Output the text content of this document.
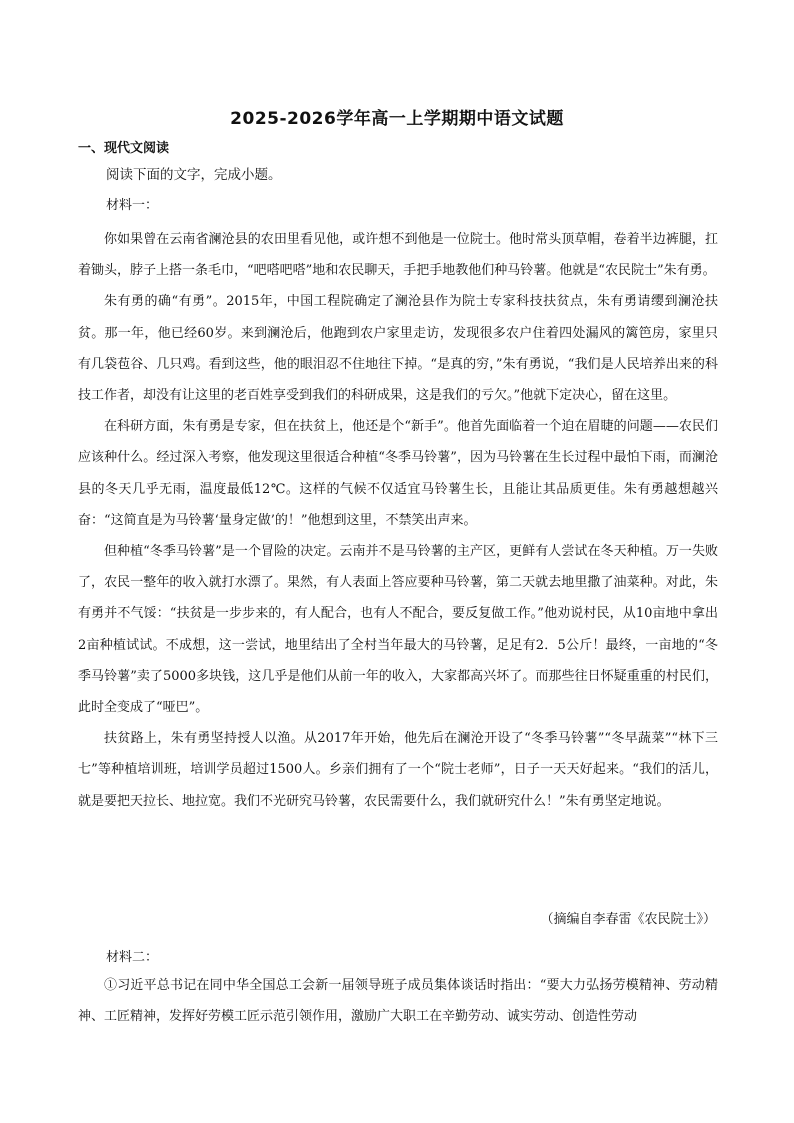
2025-2026学年高一上学期期中语文试题
一、现代文阅读
阅读下面的文字，完成小题。
材料一：

你如果曾在云南省澜沧县的农田里看见他，或许想不到他是一位院士。他时常头顶草帽，卷着半边裤腿，扛着锄头，脖子上搭一条毛巾，“吧嗒吧嗒”地和农民聊天，手把手地教他们种马铃薯。他就是“农民院士”朱有勇。

朱有勇的确“有勇”。2015年，中国工程院确定了澜沧县作为院士专家科技扶贫点，朱有勇请缨到澜沧扶贫。那一年，他已经60岁。来到澜沧后，他跑到农户家里走访，发现很多农户住着四处漏风的篱笆房，家里只有几袋苞谷、几只鸡。看到这些，他的眼泪忍不住地往下掉。“是真的穷，”朱有勇说，“我们是人民培养出来的科技工作者，却没有让这里的老百姓享受到我们的科研成果，这是我们的亏欠。”他就下定决心，留在这里。

在科研方面，朱有勇是专家，但在扶贫上，他还是个“新手”。他首先面临着一个迫在眉睫的问题——农民们应该种什么。经过深入考察，他发现这里很适合种植“冬季马铃薯”，因为马铃薯在生长过程中最怕下雨，而澜沧县的冬天几乎无雨，温度最低12℃。这样的气候不仅适宜马铃薯生长，且能让其品质更佳。朱有勇越想越兴奋：“这简直是为马铃薯‘量身定做’的！”他想到这里，不禁笑出声来。

但种植“冬季马铃薯”是一个冒险的决定。云南并不是马铃薯的主产区，更鲜有人尝试在冬天种植。万一失败了，农民一整年的收入就打水漂了。果然，有人表面上答应要种马铃薯，第二天就去地里撒了油菜种。对此，朱有勇并不气馁：“扶贫是一步步来的，有人配合，也有人不配合，要反复做工作。”他劝说村民，从10亩地中拿出2亩种植试试。不成想，这一尝试，地里结出了全村当年最大的马铃薯，足足有2．5公斤！最终，一亩地的“冬季马铃薯”卖了5000多块钱，这几乎是他们从前一年的收入，大家都高兴坏了。而那些往日怀疑重重的村民们，此时全变成了“哑巴”。

扶贫路上，朱有勇坚持授人以渔。从2017年开始，他先后在澜沧开设了“冬季马铃薯”“冬早蔬菜”“林下三七”等种植培训班，培训学员超过1500人。乡亲们拥有了一个“院士老师”，日子一天天好起来。“我们的活儿，就是要把天拉长、地拉宽。我们不光研究马铃薯，农民需要什么，我们就研究什么！”朱有勇坚定地说。

（摘编自李春雷《农民院士》）
材料二：

①习近平总书记在同中华全国总工会新一届领导班子成员集体谈话时指出：“要大力弘扬劳模精神、劳动精神、工匠精神，发挥好劳模工匠示范引领作用，激励广大职工在辛勤劳动、诚实劳动、创造性劳动
